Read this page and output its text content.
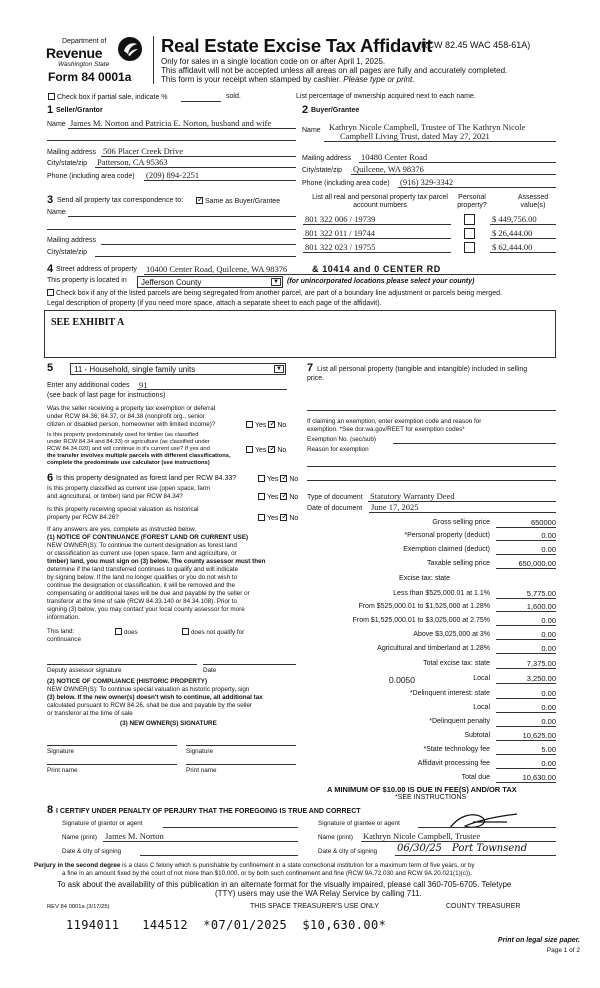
Department of
Revenue
Washington State
Form 84 0001a
Real Estate Excise Tax Affidavit
(RCW 82.45 WAC 458-61A)
Only for sales in a single location code on or after April 1, 2025.
This affidavit will not be accepted unless all areas on all pages are fully and accurately completed.
This form is your receipt when stamped by cashier. Please type or print.
Check box if partial sale, indicate %	sold.	List percentage of ownership acquired next to each name.
1 Seller/Grantor
Name James M. Norton and Patricia E. Norton, husband and wife
Mailing address 506 Placer Creek Drive
City/state/zip Patterson, CA 95363
Phone (including area code) (209) 894-2251
2 Buyer/Grantee
Name Kathryn Nicole Campbell, Trustee of The Kathryn Nicole
Campbell Living Trust, dated May 27, 2021
Mailing address 10480 Center Road
City/state/zip Quilcene, WA 98376
Phone (including area code) (916) 329-3342
3 Send all property tax correspondence to: ✓	Same as Buyer/Grantee
Name
Mailing address
City/state/zip
List all real and personal property tax parcel account numbers
Personal property?
Assessed value(s)
801 322 006 / 19739	$ 449,756.00
801 322 011 / 19744	$ 26,444.00
801 322 023 / 19755	$ 62,444.00
4 Street address of property 10400 Center Road, Quilcene, WA 98376	& 10414 and 0 CENTER RD
This property is located in	Jefferson County	▼ (for unincorporated locations please select your county)
Check box if any of the listed parcels are being segregated from another parcel, are part of a boundary line adjustment or parcels being merged.
Legal description of property (if you need more space, attach a separate sheet to each page of the affidavit).
SEE EXHIBIT A
5	11 - Household, single family units	▼
Enter any additional codes 91
(see back of last page for instructions)
Was the seller receiving a property tax exemption or deferral
under RCW 84.36, 84.37, or 84.38 (nonprofit org., senior
citizen or disabled person, homeowner with limited income)?	Yes ✓ No
Is this property predominately used for timber (as classified
under RCW 84.34 and 84.33) or agriculture (as classified under
RCW 84.34.020) and will continue in it's current use? If yes and
the transfer involves multiple parcels with different classifications,
complete the predominate use calculator (see instructions)
Yes ✓ No
6 Is this property designated as forest land per RCW 84.33?	Yes ✓ No
Is this property classified as current use (open space, farm
and agricultural, or timber) land per RCW 84.34?	Yes ✓ No
Is this property receiving special valuation as historical
property per RCW 84.26?	Yes ✓ No
If any answers are yes, complete as instructed below.
(1) NOTICE OF CONTINUANCE (FOREST LAND OR CURRENT USE)
NEW OWNER(S): To continue the current designation as forest land
or classification as current use (open space, farm and agriculture, or
timber) land, you must sign on (3) below. The county assessor must then
determine if the land transferred continues to qualify and will indicate
by signing below. If the land no longer qualifies or you do not wish to
continue the designation or classification, it will be removed and the
compensating or additional taxes will be due and payable by the seller or
transferor at the time of sale (RCW 84.33.140 or 84.34.108). Prior to
signing (3) below, you may contact your local county assessor for more
information.
This land:
continuance
does	does not qualify for
Deputy assessor signature	Date
(2) NOTICE OF COMPLIANCE (HISTORIC PROPERTY)
NEW OWNER(S): To continue special valuation as historic property, sign
(3) below. If the new owner(s) doesn't wish to continue, all additional tax
calculated pursuant to RCW 84.26, shall be due and payable by the seller
or transferor at the time of sale
(3) NEW OWNER(S) SIGNATURE
Signature	Signature
Print name	Print name
7 List all personal property (tangible and intangible) included in selling
price.
If claiming an exemption, enter exemption code and reason for
exemption. *See dor.wa.gov/REET for exemption codes*
Exemption No. (sec/sub)
Reason for exemption
Type of document Statutory Warranty Deed
Date of document June 17, 2025
Gross selling price	650000
*Personal property (deduct)	0.00
Exemption claimed (deduct)	0.00
Taxable selling price	650,000.00
Excise tax: state
Less than $525,000.01 at 1.1%	5,775.00
From $525,000.01 to $1,525,000 at 1.28%	1,600.00
From $1,525,000.01 to $3,025,000 at 2.75%	0.00
Above $3,025,000 at 3%	0.00
Agricultural and timberland at 1.28%	0.00
Total excise tax: state	7,375.00
0.0050	Local	3,250.00
*Delinquent interest: state	0.00
Local	0.00
*Delinquent penalty	0.00
Subtotal	10,625.00
*State technology fee	5.00
Affidavit processing fee	0.00
Total due	10,630.00
A MINIMUM OF $10.00 IS DUE IN FEE(S) AND/OR TAX
*SEE INSTRUCTIONS
8 I CERTIFY UNDER PENALTY OF PERJURY THAT THE FOREGOING IS TRUE AND CORRECT
Signature of grantor or agent
Name (print) James M. Norton
Date & city of signing
Signature of grantee or agent
Name (print) Kathryn Nicole Campbell, Trustee
Date & city of signing 06/30/25 Port Townsend
Perjury in the second degree is a class C felony which is punishable by confinement in a state correctional institution for a maximum term of five years, or by
a fine in an amount fixed by the court of not more than $10,000, or by both such confinement and fine (RCW 9A.72.030 and RCW 9A.20.021(1)(c)).
To ask about the availability of this publication in an alternate format for the visually impaired, please call 360-705-6705. Teletype
(TTY) users may use the WA Relay Service by calling 711.
REV 84 0001a (3/17/25)	THIS SPACE TREASURER'S USE ONLY	COUNTY TREASURER
1194011   144512  *07/01/2025  $10,630.00*
Print on legal size paper.
Page 1 of 2
